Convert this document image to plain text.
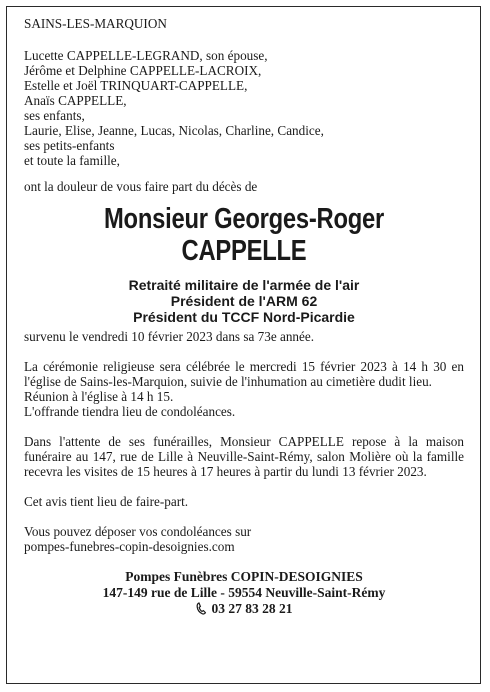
SAINS-LES-MARQUION

Lucette CAPPELLE-LEGRAND, son épouse,

Jérôme et Delphine CAPPELLE-LACROIX,

Estelle et Joël TRINQUART-CAPPELLE,

Anaïs CAPPELLE,

ses enfants,

Laurie, Elise, Jeanne, Lucas, Nicolas, Charline, Candice,

ses petits-enfants

et toute la famille,

ont la douleur de vous faire part du décès de

Monsieur Georges-Roger
CAPPELLE

Retraité militaire de l'armée de l'air

Président de l'ARM 62

Président du TCCF Nord-Picardie

survenu le vendredi 10 février 2023 dans sa 73e année.

La cérémonie religieuse sera célébrée le mercredi 15 février 2023 à 14 h 30 en l'église de Sains-les-Marquion, suivie de l'inhumation au cimetière dudit lieu.

Réunion à l'église à 14 h 15.

L'offrande tiendra lieu de condoléances.

Dans l'attente de ses funérailles, Monsieur CAPPELLE repose à la maison funéraire au 147, rue de Lille à Neuville-Saint-Rémy, salon Molière où la famille recevra les visites de 15 heures à 17 heures à partir du lundi 13 février 2023.

Cet avis tient lieu de faire-part.

Vous pouvez déposer vos condoléances sur

pompes-funebres-copin-desoignies.com

Pompes Funèbres COPIN-DESOIGNIES

147-149 rue de Lille - 59554 Neuville-Saint-Rémy

03 27 83 28 21
